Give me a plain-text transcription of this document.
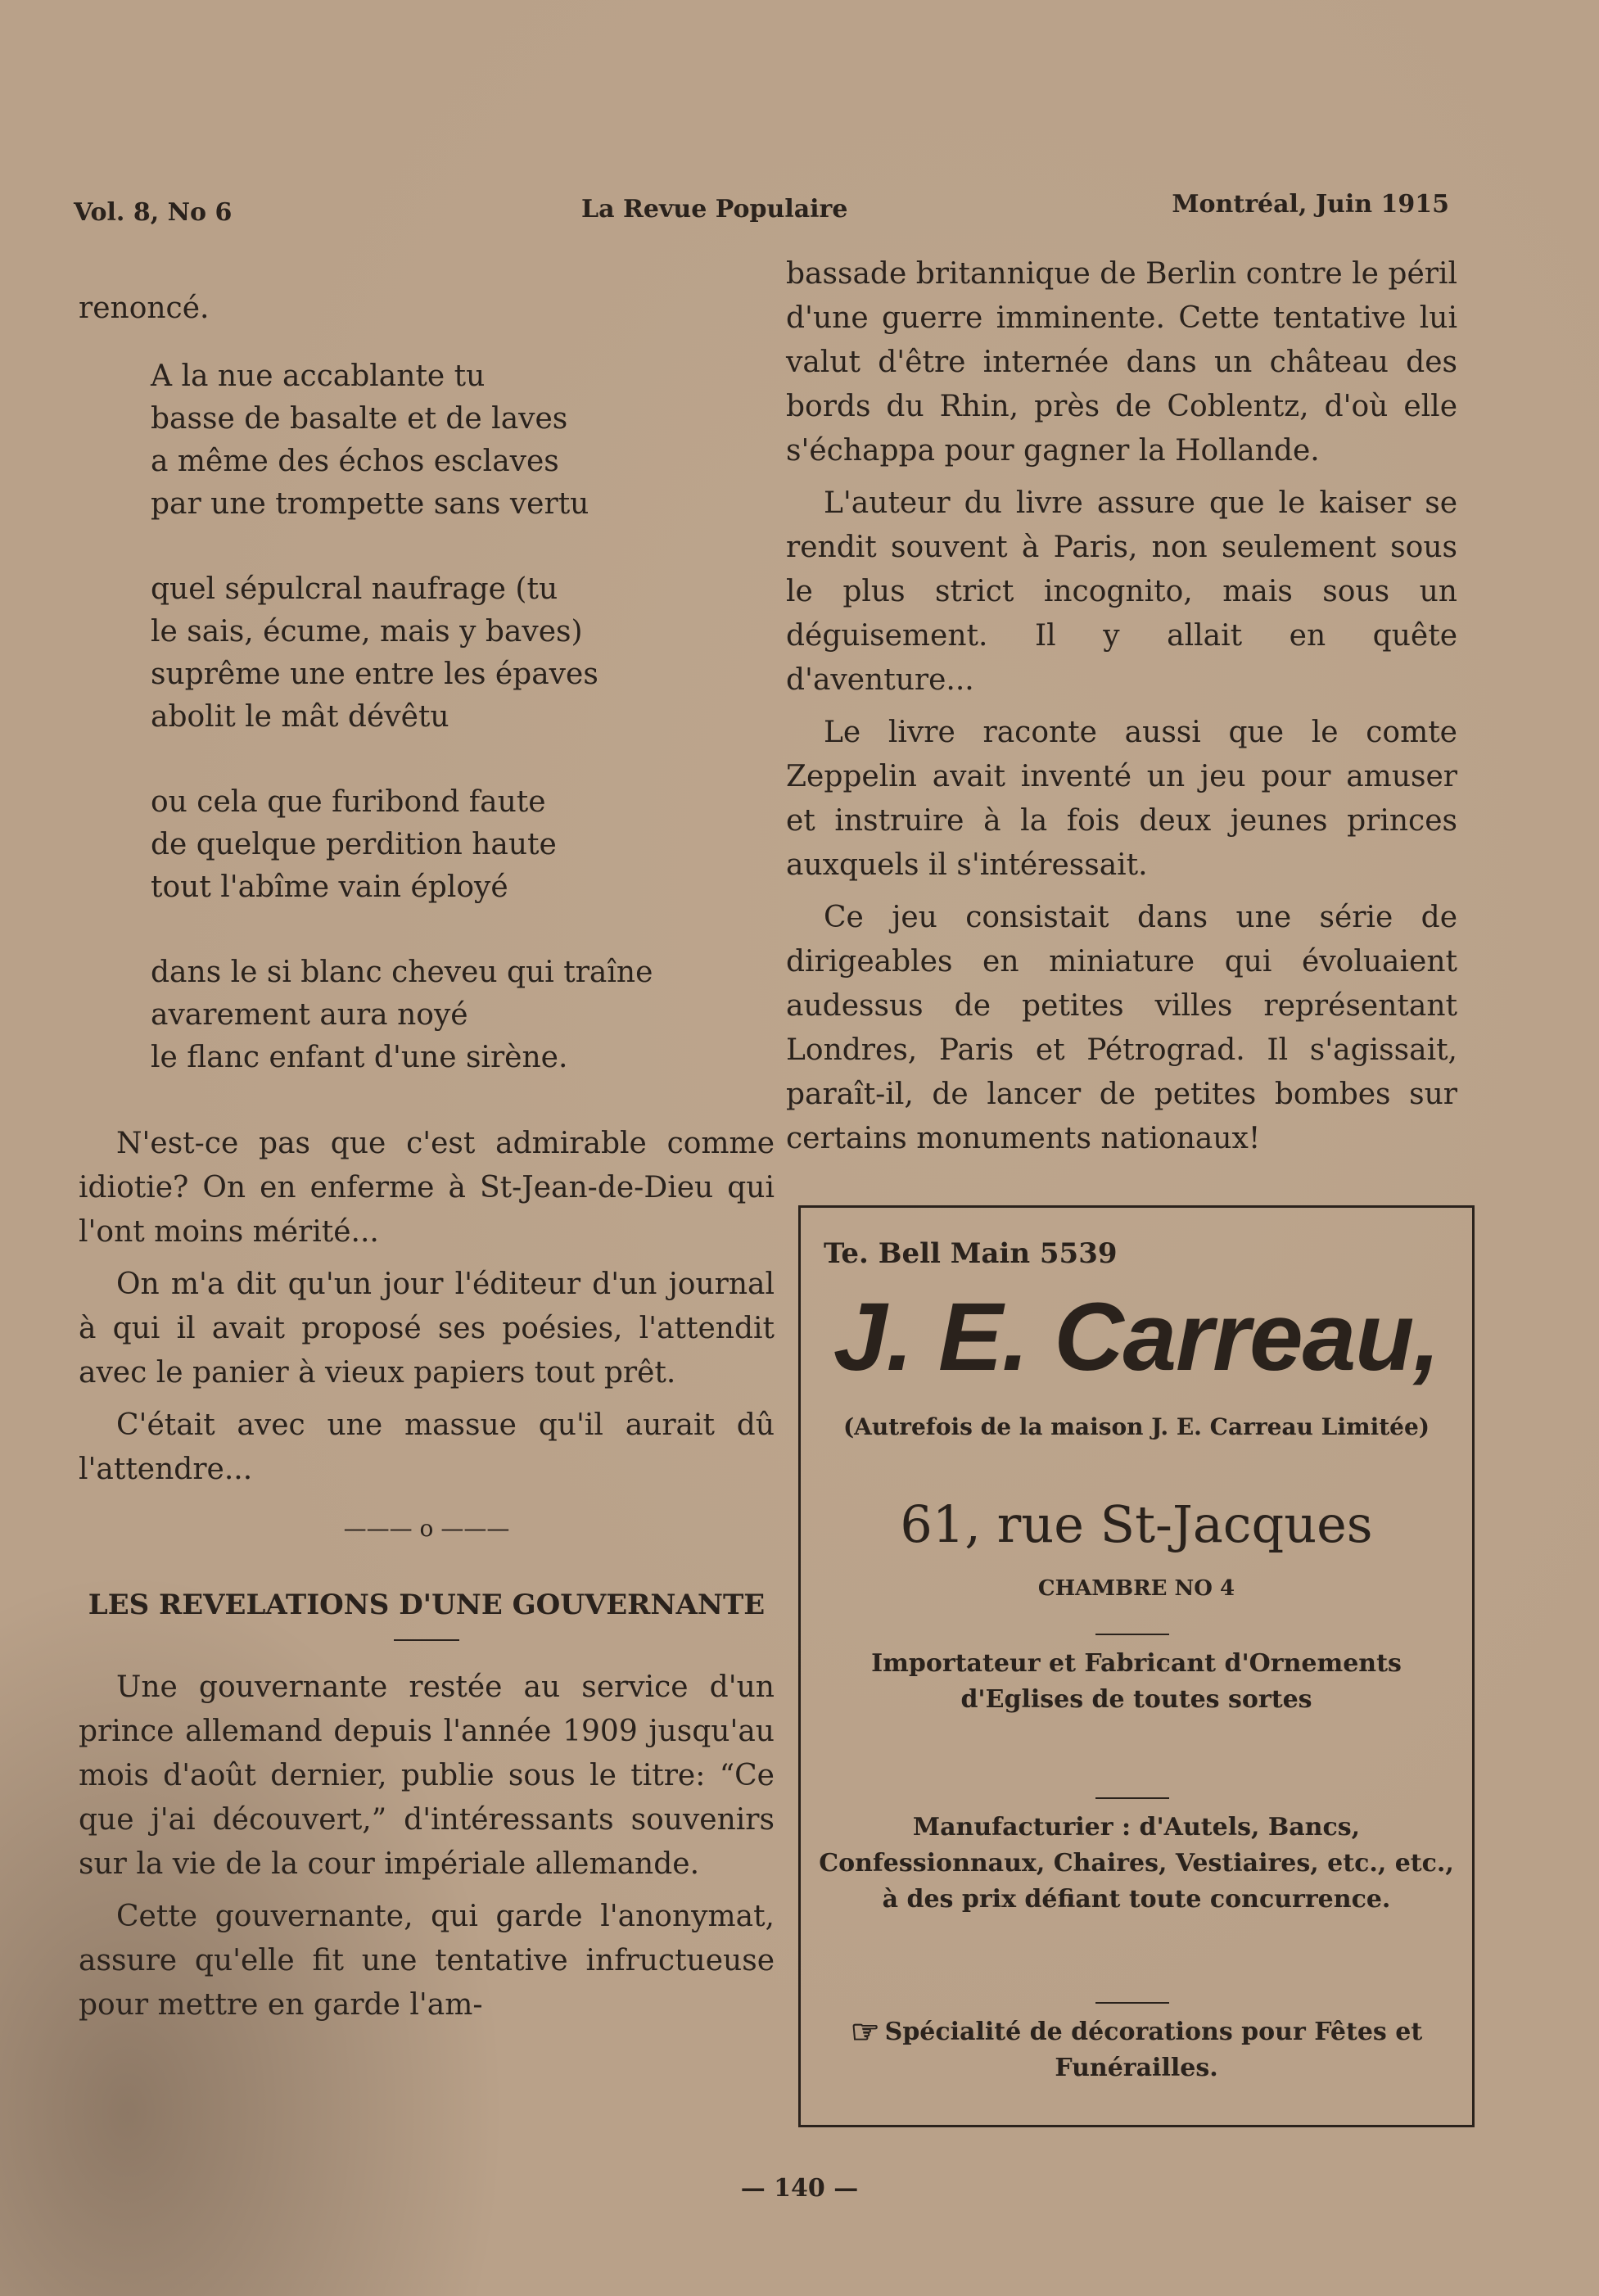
Vol. 8, No 6	La Revue Populaire	Montréal, Juin 1915

renoncé.

A la nue accablante tu
basse de basalte et de laves
a même des échos esclaves
par une trompette sans vertu
quel sépulcral naufrage (tu
le sais, écume, mais y baves)
suprême une entre les épaves
abolit le mât dévêtu
ou cela que furibond faute
de quelque perdition haute
tout l'abîme vain éployé
dans le si blanc cheveu qui traîne
avarement aura noyé
le flanc enfant d'une sirène.

N'est-ce pas que c'est admirable comme idiotie? On en enferme à St-Jean-de-Dieu qui l'ont moins mérité...

On m'a dit qu'un jour l'éditeur d'un journal à qui il avait proposé ses poésies, l'attendit avec le panier à vieux papiers tout prêt.

C'était avec une massue qu'il aurait dû l'attendre...

——— o ———
LES REVELATIONS D'UNE GOUVERNANTE

Une gouvernante restée au service d'un prince allemand depuis l'année 1909 jusqu'au mois d'août dernier, publie sous le titre: “Ce que j'ai découvert,” d'intéressants souvenirs sur la vie de la cour impériale allemande.

Cette gouvernante, qui garde l'anonymat, assure qu'elle fit une tentative infructueuse pour mettre en garde l'am-

bassade britannique de Berlin contre le péril d'une guerre imminente. Cette tentative lui valut d'être internée dans un château des bords du Rhin, près de Coblentz, d'où elle s'échappa pour gagner la Hollande.

L'auteur du livre assure que le kaiser se rendit souvent à Paris, non seulement sous le plus strict incognito, mais sous un déguisement. Il y allait en quête d'aventure...

Le livre raconte aussi que le comte Zeppelin avait inventé un jeu pour amuser et instruire à la fois deux jeunes princes auxquels il s'intéressait.

Ce jeu consistait dans une série de dirigeables en miniature qui évoluaient audessus de petites villes représentant Londres, Paris et Pétrograd. Il s'agissait, paraît-il, de lancer de petites bombes sur certains monuments nationaux!

Te. Bell Main 5539
J. E. Carreau,
(Autrefois de la maison J. E. Carreau Limitée)
61, rue St-Jacques
CHAMBRE NO 4
Importateur et Fabricant d'Ornements d'Eglises de toutes sortes
Manufacturier : d'Autels, Bancs, Confessionnaux, Chaires, Vestiaires, etc., etc., à des prix défiant toute concurrence.
☞ Spécialité de décorations pour Fêtes et Funérailles.
— 140 —
